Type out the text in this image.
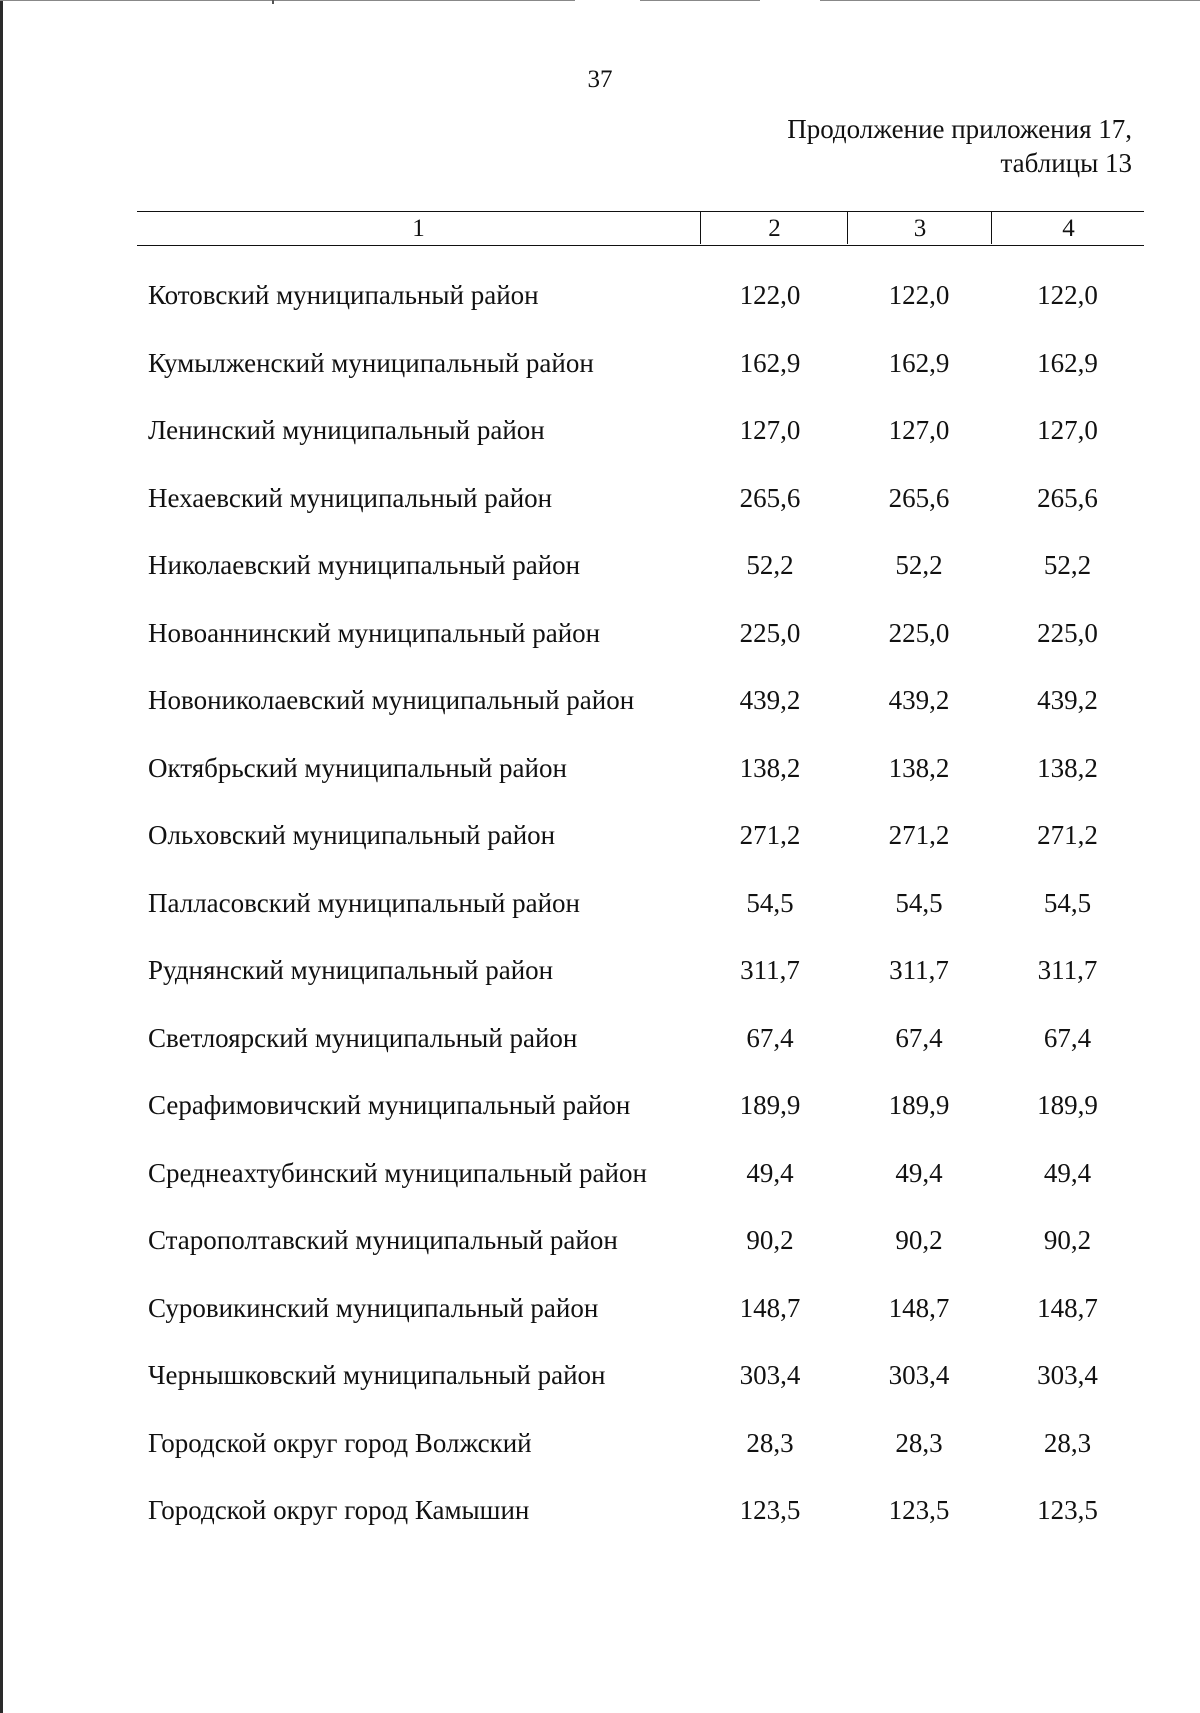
37
Продолжение приложения 17,
таблицы 13
1	2	3	4
Котовский муниципальный район	122,0	122,0	122,0
Кумылженский муниципальный район	162,9	162,9	162,9
Ленинский муниципальный район	127,0	127,0	127,0
Нехаевский муниципальный район	265,6	265,6	265,6
Николаевский муниципальный район	52,2	52,2	52,2
Новоаннинский муниципальный район	225,0	225,0	225,0
Новониколаевский муниципальный район	439,2	439,2	439,2
Октябрьский муниципальный район	138,2	138,2	138,2
Ольховский муниципальный район	271,2	271,2	271,2
Палласовский муниципальный район	54,5	54,5	54,5
Руднянский муниципальный район	311,7	311,7	311,7
Светлоярский муниципальный район	67,4	67,4	67,4
Серафимовичский муниципальный район	189,9	189,9	189,9
Среднеахтубинский муниципальный район	49,4	49,4	49,4
Старополтавский муниципальный район	90,2	90,2	90,2
Суровикинский муниципальный район	148,7	148,7	148,7
Чернышковский муниципальный район	303,4	303,4	303,4
Городской округ город Волжский	28,3	28,3	28,3
Городской округ город Камышин	123,5	123,5	123,5
